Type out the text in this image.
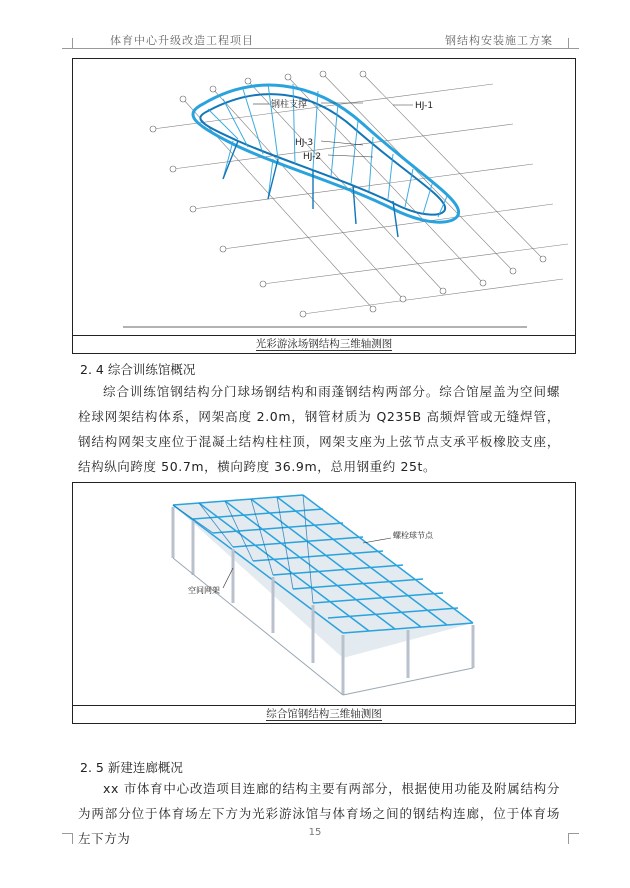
体育中心升级改造工程项目	钢结构安装施工方案
钢柱支撑	HJ-1
HJ-3
HJ-2
光彩游泳场钢结构三维轴测图
2. 4 综合训练馆概况
综合训练馆钢结构分门球场钢结构和雨蓬钢结构两部分。综合馆屋盖为空间螺栓球网架结构体系，网架高度 2.0m，钢管材质为 Q235B 高频焊管或无缝焊管，钢结构网架支座位于混凝土结构柱柱顶，网架支座为上弦节点支承平板橡胶支座，结构纵向跨度 50.7m，横向跨度 36.9m，总用钢重约 25t。
螺栓球节点
空间网架
综合馆钢结构三维轴测图
2. 5 新建连廊概况
xx 市体育中心改造项目连廊的结构主要有两部分，根据使用功能及附属结构分为两部分位于体育场左下方为光彩游泳馆与体育场之间的钢结构连廊，位于体育场左下方为	15
